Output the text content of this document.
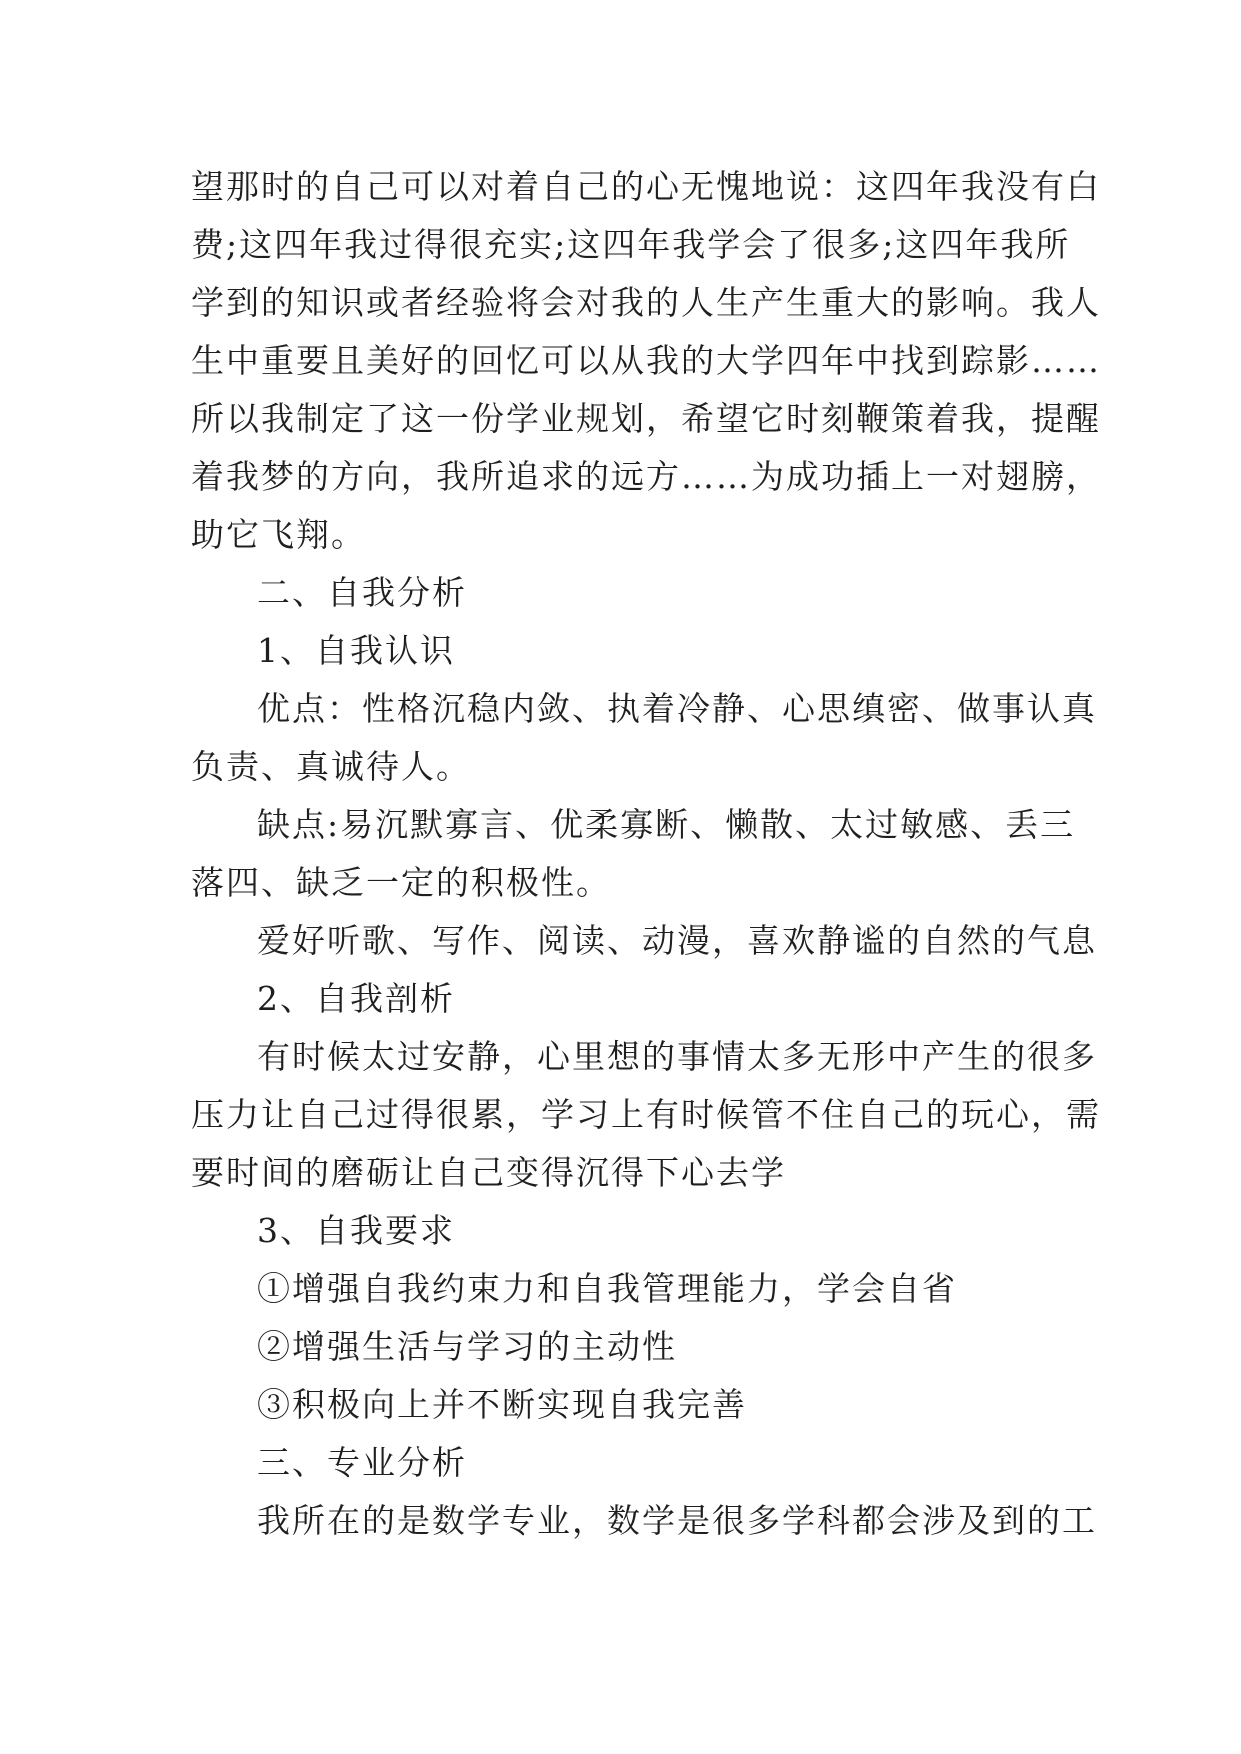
望那时的自己可以对着自己的心无愧地说：这四年我没有白
费;这四年我过得很充实;这四年我学会了很多;这四年我所
学到的知识或者经验将会对我的人生产生重大的影响。我人
生中重要且美好的回忆可以从我的大学四年中找到踪影……
所以我制定了这一份学业规划，希望它时刻鞭策着我，提醒
着我梦的方向，我所追求的远方……为成功插上一对翅膀，
助它飞翔。
二、自我分析
1、自我认识
优点：性格沉稳内敛、执着冷静、心思缜密、做事认真
负责、真诚待人。
缺点:易沉默寡言、优柔寡断、懒散、太过敏感、丢三
落四、缺乏一定的积极性。
爱好听歌、写作、阅读、动漫，喜欢静谧的自然的气息
2、自我剖析
有时候太过安静，心里想的事情太多无形中产生的很多
压力让自己过得很累，学习上有时候管不住自己的玩心，需
要时间的磨砺让自己变得沉得下心去学
3、自我要求
①增强自我约束力和自我管理能力，学会自省
②增强生活与学习的主动性
③积极向上并不断实现自我完善
三、专业分析
我所在的是数学专业，数学是很多学科都会涉及到的工
